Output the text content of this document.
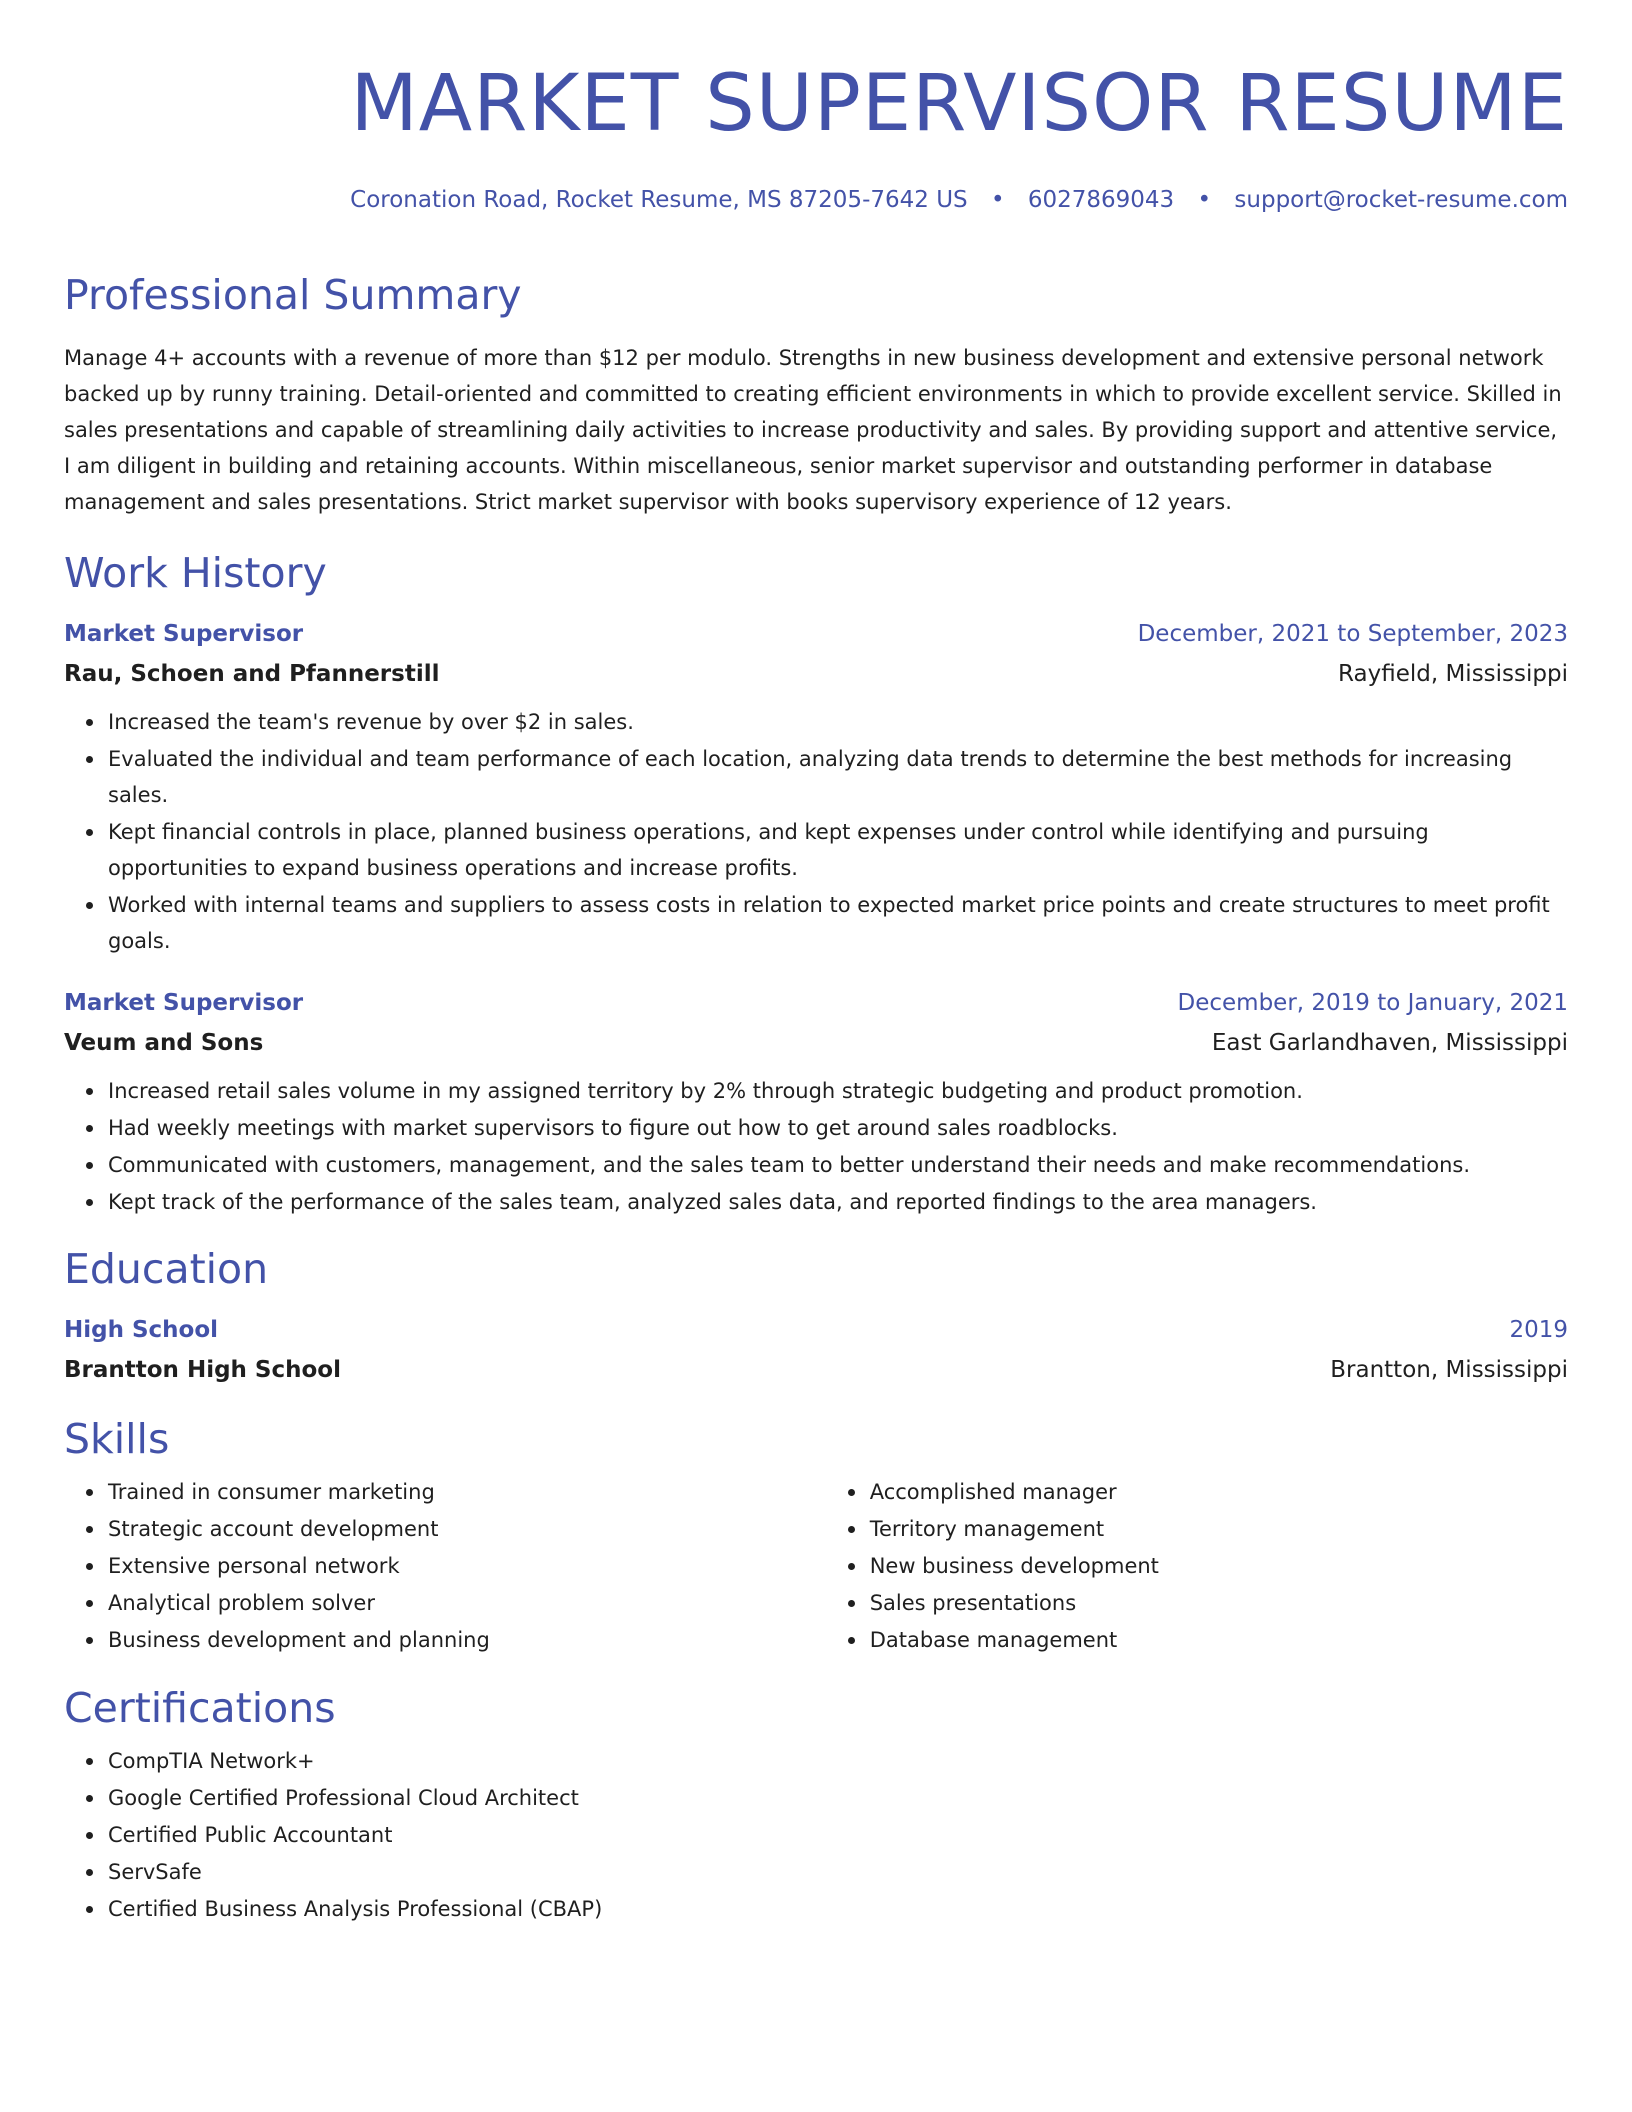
MARKET SUPERVISOR RESUME
Coronation Road, Rocket Resume, MS 87205-7642 US • 6027869043 • support@rocket-resume.com
Professional Summary

Manage 4+ accounts with a revenue of more than $12 per modulo. Strengths in new business development and extensive personal network backed up by runny training. Detail-oriented and committed to creating efficient environments in which to provide excellent service. Skilled in sales presentations and capable of streamlining daily activities to increase productivity and sales. By providing support and attentive service, I am diligent in building and retaining accounts. Within miscellaneous, senior market supervisor and outstanding performer in database management and sales presentations. Strict market supervisor with books supervisory experience of 12 years.

Work History
Market Supervisor	December, 2021 to September, 2023
Rau, Schoen and Pfannerstill	Rayfield, Mississippi
Increased the team's revenue by over $2 in sales.
Evaluated the individual and team performance of each location, analyzing data trends to determine the best methods for increasing sales.
Kept financial controls in place, planned business operations, and kept expenses under control while identifying and pursuing opportunities to expand business operations and increase profits.
Worked with internal teams and suppliers to assess costs in relation to expected market price points and create structures to meet profit goals.
Market Supervisor	December, 2019 to January, 2021
Veum and Sons	East Garlandhaven, Mississippi
Increased retail sales volume in my assigned territory by 2% through strategic budgeting and product promotion.
Had weekly meetings with market supervisors to figure out how to get around sales roadblocks.
Communicated with customers, management, and the sales team to better understand their needs and make recommendations.
Kept track of the performance of the sales team, analyzed sales data, and reported findings to the area managers.
Education
High School	2019
Brantton High School	Brantton, Mississippi
Skills
Trained in consumer marketing
Strategic account development
Extensive personal network
Analytical problem solver
Business development and planning
Accomplished manager
Territory management
New business development
Sales presentations
Database management
Certifications
CompTIA Network+
Google Certified Professional Cloud Architect
Certified Public Accountant
ServSafe
Certified Business Analysis Professional (CBAP)
